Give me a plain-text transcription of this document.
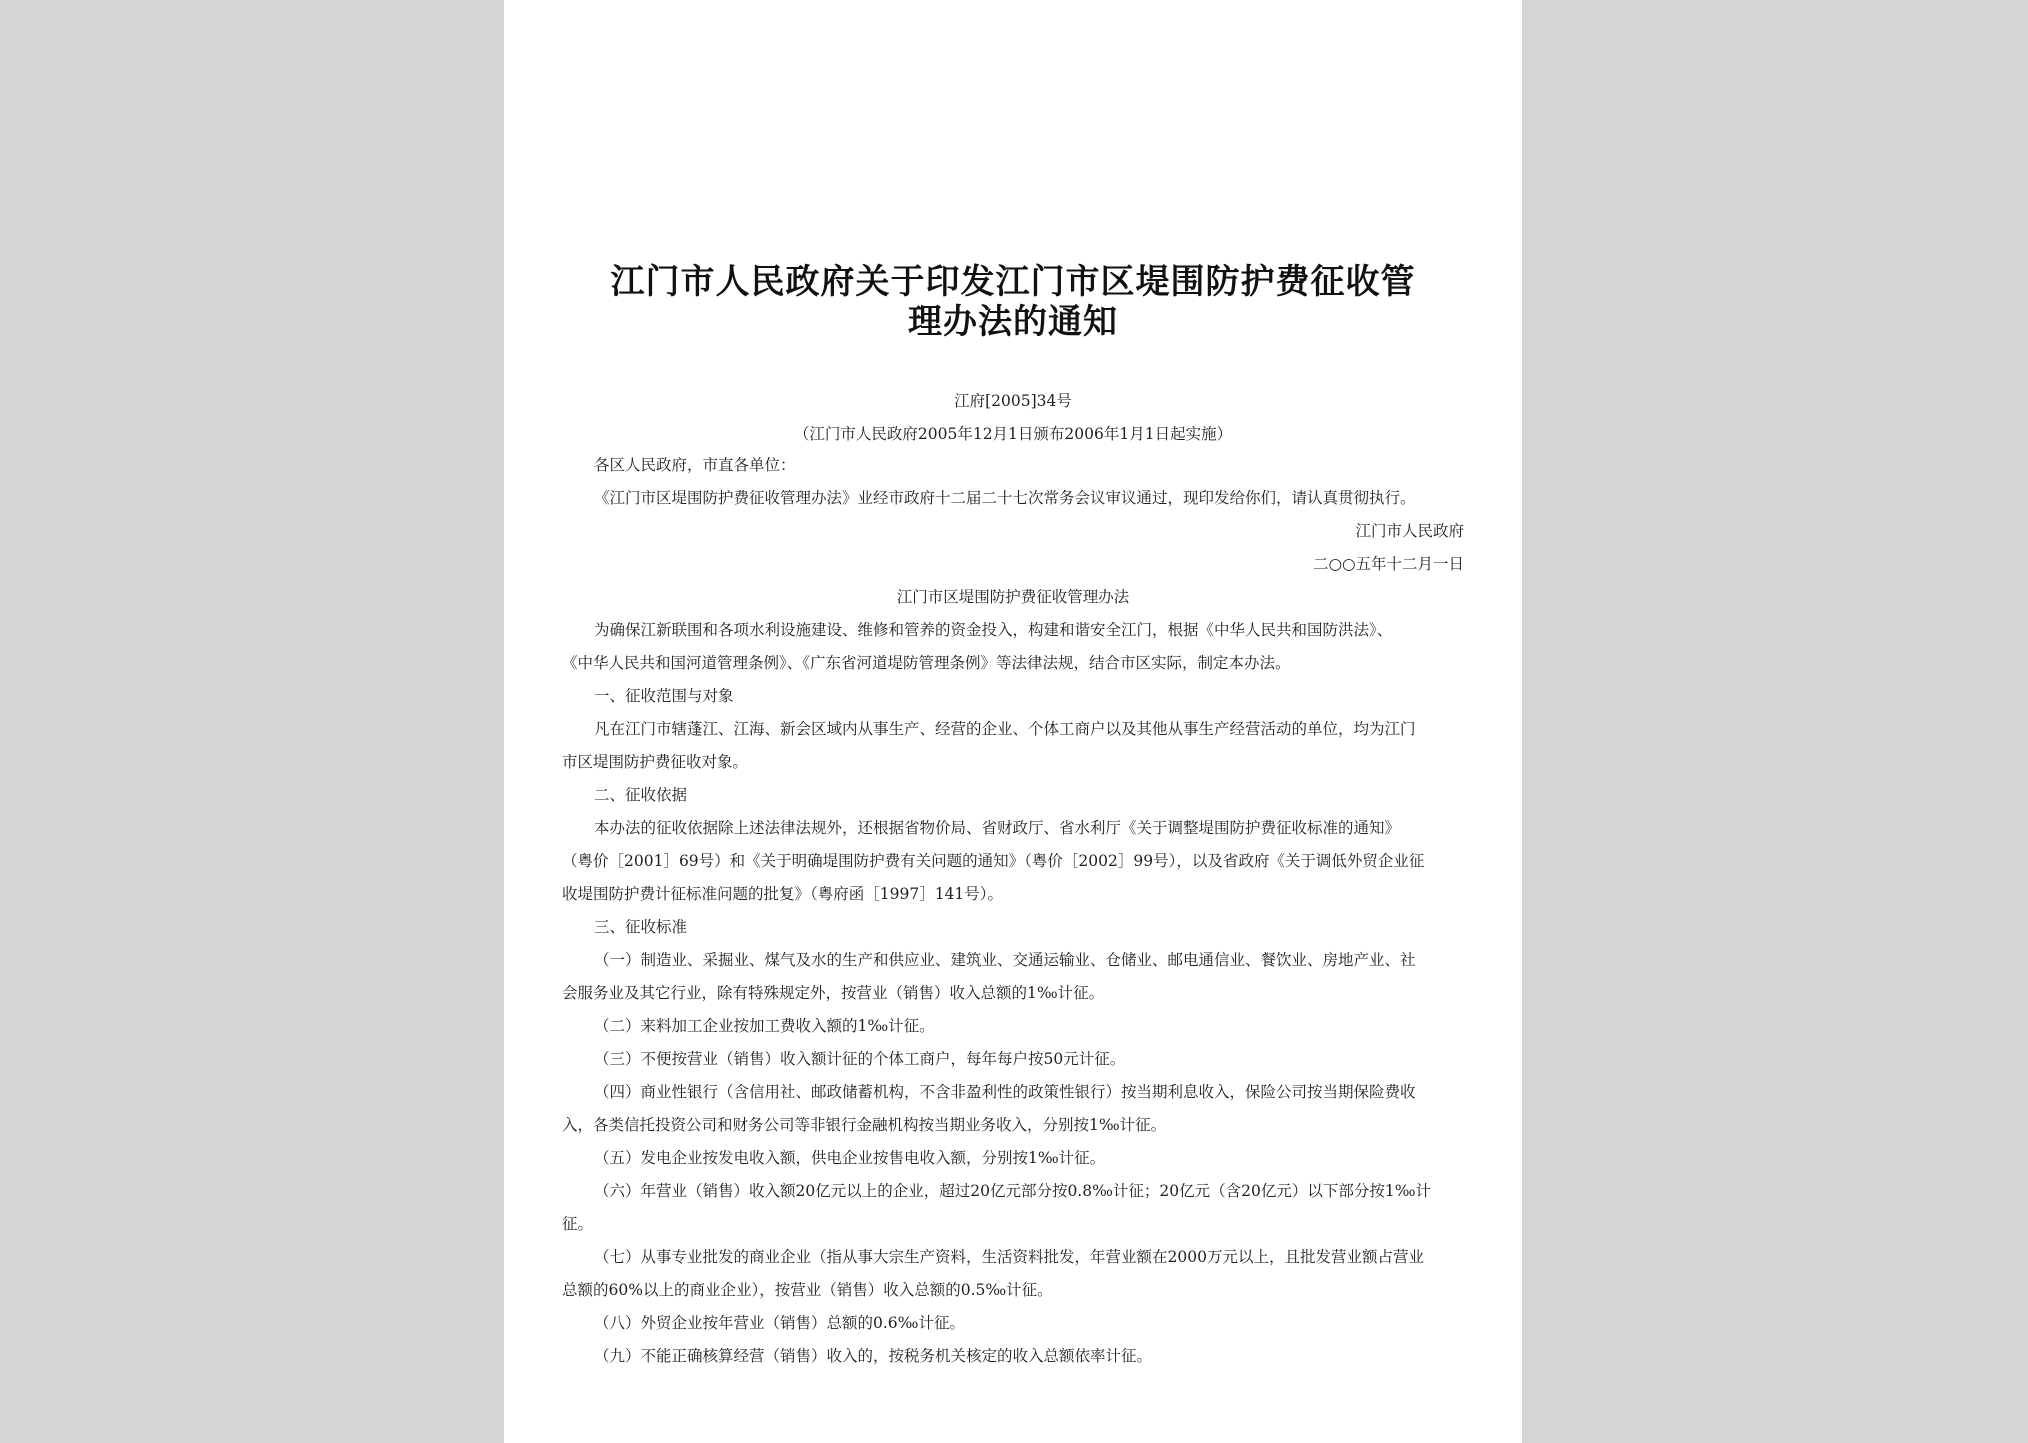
江门市人民政府关于印发江门市区堤围防护费征收管
理办法的通知
江府[2005]34号
（江门市人民政府2005年12月1日颁布2006年1月1日起实施）
各区人民政府，市直各单位：
《江门市区堤围防护费征收管理办法》业经市政府十二届二十七次常务会议审议通过，现印发给你们，请认真贯彻执行。
江门市人民政府
二○○五年十二月一日
江门市区堤围防护费征收管理办法
为确保江新联围和各项水利设施建设、维修和管养的资金投入，构建和谐安全江门，根据《中华人民共和国防洪法》、
《中华人民共和国河道管理条例》、《广东省河道堤防管理条例》等法律法规，结合市区实际，制定本办法。
一、征收范围与对象
凡在江门市辖蓬江、江海、新会区域内从事生产、经营的企业、个体工商户以及其他从事生产经营活动的单位，均为江门
市区堤围防护费征收对象。
二、征收依据
本办法的征收依据除上述法律法规外，还根据省物价局、省财政厅、省水利厅《关于调整堤围防护费征收标准的通知》
（粤价［2001］69号）和《关于明确堤围防护费有关问题的通知》（粤价［2002］99号），以及省政府《关于调低外贸企业征
收堤围防护费计征标准问题的批复》（粤府函［1997］141号）。
三、征收标准
（一）制造业、采掘业、煤气及水的生产和供应业、建筑业、交通运输业、仓储业、邮电通信业、餐饮业、房地产业、社
会服务业及其它行业，除有特殊规定外，按营业（销售）收入总额的1‰计征。
（二）来料加工企业按加工费收入额的1‰计征。
（三）不便按营业（销售）收入额计征的个体工商户，每年每户按50元计征。
（四）商业性银行（含信用社、邮政储蓄机构，不含非盈利性的政策性银行）按当期利息收入，保险公司按当期保险费收
入，各类信托投资公司和财务公司等非银行金融机构按当期业务收入，分别按1‰计征。
（五）发电企业按发电收入额，供电企业按售电收入额，分别按1‰计征。
（六）年营业（销售）收入额20亿元以上的企业，超过20亿元部分按0.8‰计征；20亿元（含20亿元）以下部分按1‰计
征。
（七）从事专业批发的商业企业（指从事大宗生产资料，生活资料批发，年营业额在2000万元以上，且批发营业额占营业
总额的60%以上的商业企业），按营业（销售）收入总额的0.5‰计征。
（八）外贸企业按年营业（销售）总额的0.6‰计征。
（九）不能正确核算经营（销售）收入的，按税务机关核定的收入总额依率计征。
